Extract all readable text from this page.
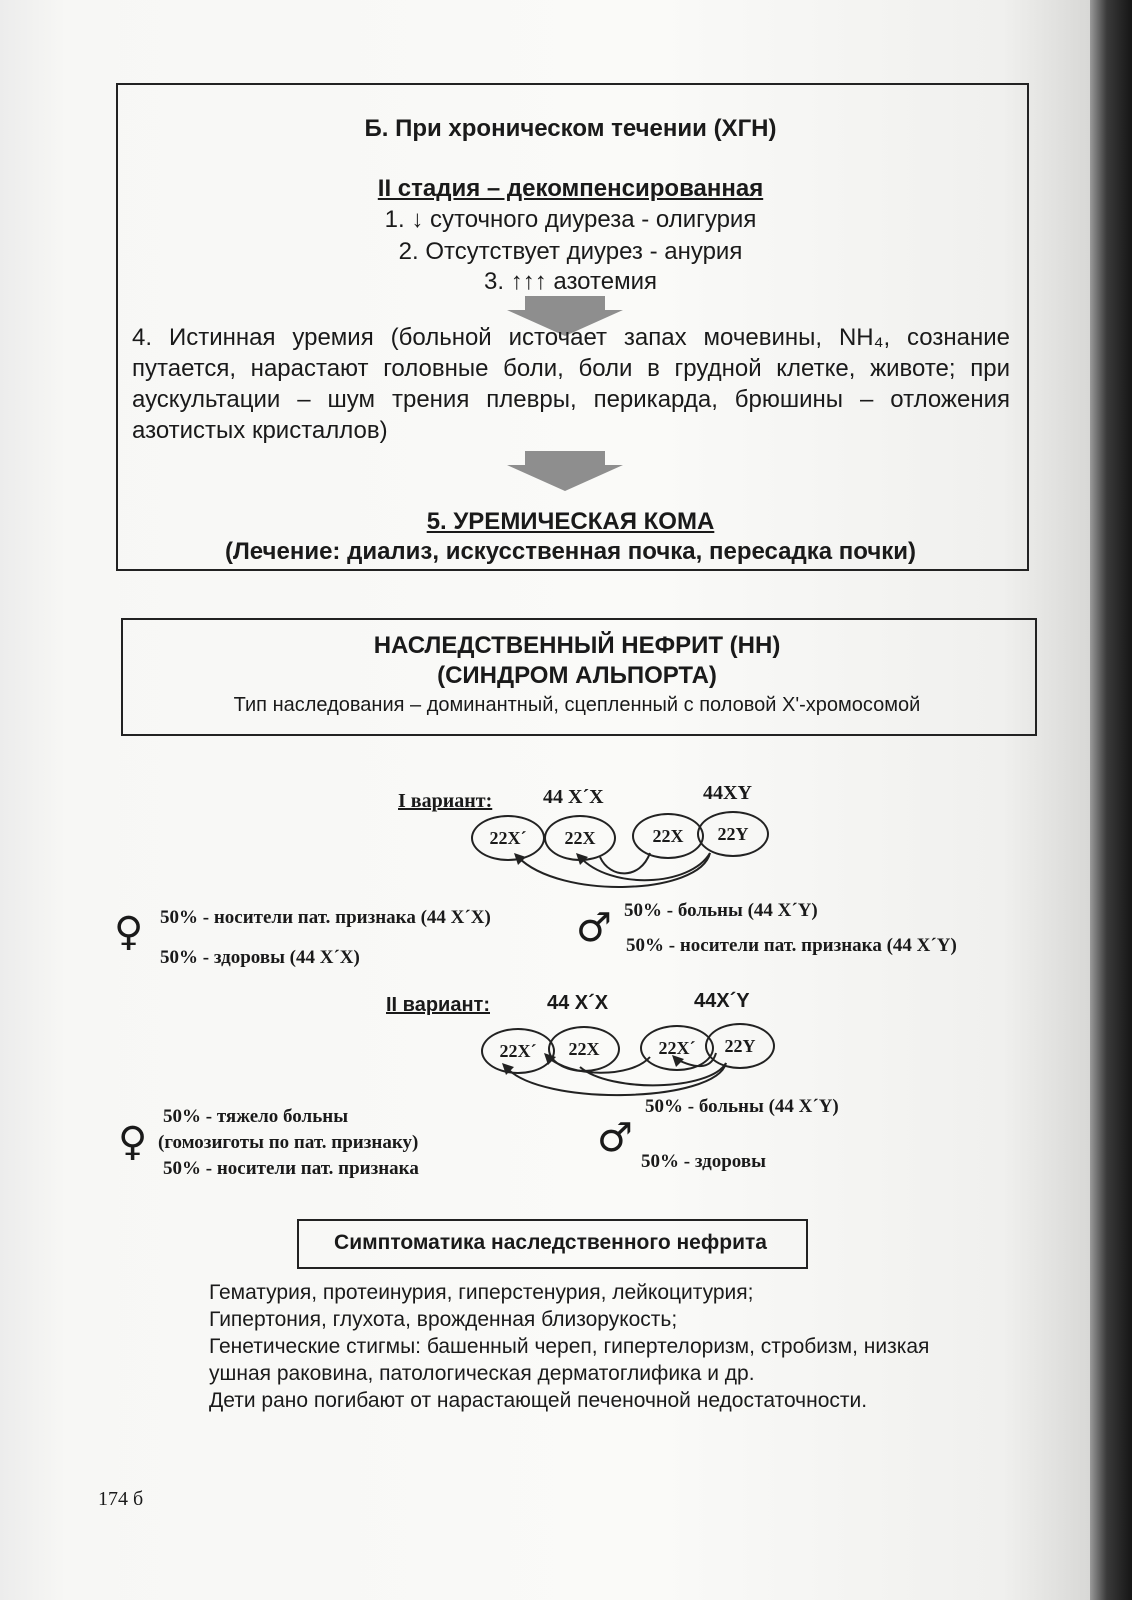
Б. При хроническом течении (ХГН)
II стадия – декомпенсированная
1. ↓ суточного диуреза - олигурия
2. Отсутствует диурез - анурия
3. ↑↑↑ азотемия
4. Истинная уремия (больной источает запах мочевины, NH₄, сознание путается, нарастают головные боли, боли в грудной клетке, животе; при аускультации – шум трения плевры, перикарда, брюшины – отложения азотистых кристаллов)
5. УРЕМИЧЕСКАЯ КОМА
(Лечение: диализ, искусственная почка, пересадка почки)
НАСЛЕДСТВЕННЫЙ НЕФРИТ (НН)
(СИНДРОМ АЛЬПОРТА)
Тип наследования – доминантный, сцепленный с половой Х'-хромосомой
I вариант:	44 Х´Х	44XY
22Х´	22Х	22Х	22Y
♀ 50% - носители пат. признака (44 Х´Х)
50% - здоровы (44 Х´Х)
♂ 50% - больны (44 Х´Y)
50% - носители пат. признака (44 Х´Y)
II вариант:	44 Х´Х	44Х´Y
22Х´	22Х	22Х´	22Y
♀
50% - тяжело больны
(гомозиготы по пат. признаку)
50% - носители пат. признака
♂
50% - больны (44 Х´Y)
50% - здоровы
Симптоматика наследственного нефрита
Гематурия, протеинурия, гиперстенурия, лейкоцитурия;
Гипертония, глухота, врожденная близорукость;
Генетические стигмы: башенный череп, гипертелоризм, стробизм, низкая
ушная раковина, патологическая дерматоглифика и др.
Дети рано погибают от нарастающей печеночной недостаточности.
174 б
